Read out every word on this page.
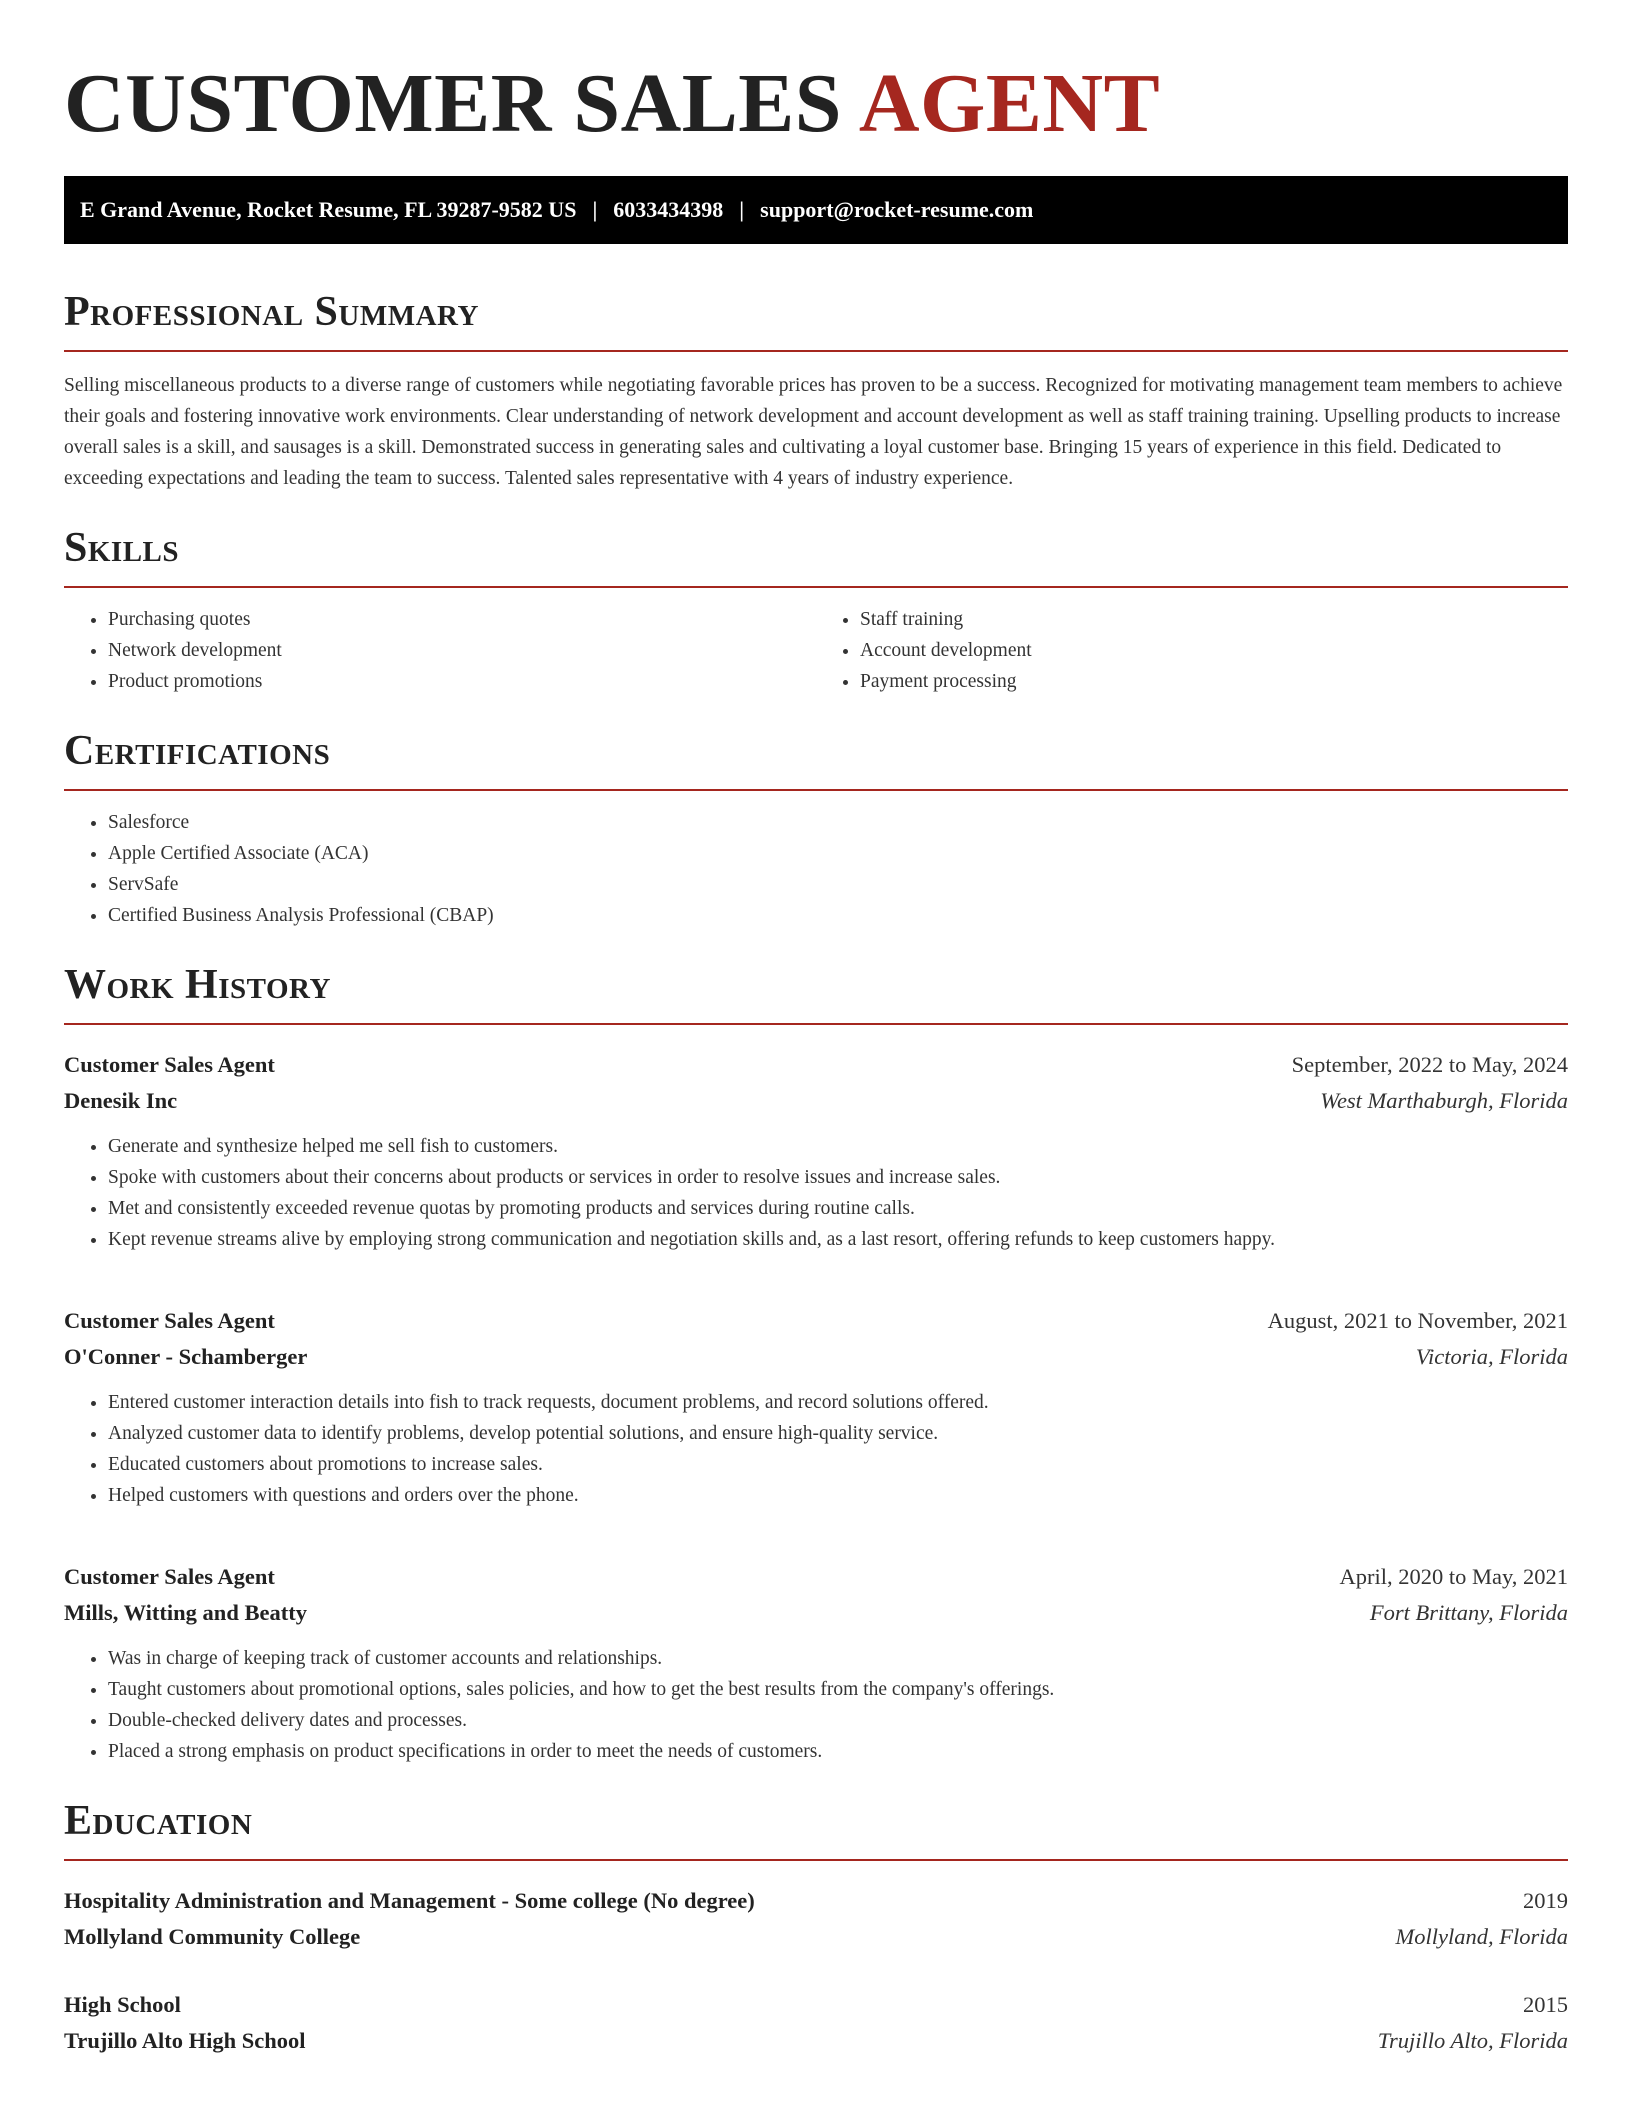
CUSTOMER SALES AGENT
E Grand Avenue, Rocket Resume, FL 39287-9582 US | 6033434398 | support@rocket-resume.com
Professional Summary

Selling miscellaneous products to a diverse range of customers while negotiating favorable prices has proven to be a success. Recognized for motivating management team members to achieve their goals and fostering innovative work environments. Clear understanding of network development and account development as well as staff training training. Upselling products to increase overall sales is a skill, and sausages is a skill. Demonstrated success in generating sales and cultivating a loyal customer base. Bringing 15 years of experience in this field. Dedicated to exceeding expectations and leading the team to success. Talented sales representative with 4 years of industry experience.

Skills
• Purchasing quotes
• Network development
• Product promotions
• Staff training
• Account development
• Payment processing
Certifications
• Salesforce
• Apple Certified Associate (ACA)
• ServSafe
• Certified Business Analysis Professional (CBAP)
Work History
Customer Sales Agent	September, 2022 to May, 2024
Denesik Inc	West Marthaburgh, Florida
• Generate and synthesize helped me sell fish to customers.
• Spoke with customers about their concerns about products or services in order to resolve issues and increase sales.
• Met and consistently exceeded revenue quotas by promoting products and services during routine calls.
• Kept revenue streams alive by employing strong communication and negotiation skills and, as a last resort, offering refunds to keep customers happy.
Customer Sales Agent	August, 2021 to November, 2021
O'Conner - Schamberger	Victoria, Florida
• Entered customer interaction details into fish to track requests, document problems, and record solutions offered.
• Analyzed customer data to identify problems, develop potential solutions, and ensure high-quality service.
• Educated customers about promotions to increase sales.
• Helped customers with questions and orders over the phone.
Customer Sales Agent	April, 2020 to May, 2021
Mills, Witting and Beatty	Fort Brittany, Florida
• Was in charge of keeping track of customer accounts and relationships.
• Taught customers about promotional options, sales policies, and how to get the best results from the company's offerings.
• Double-checked delivery dates and processes.
• Placed a strong emphasis on product specifications in order to meet the needs of customers.
Education
Hospitality Administration and Management - Some college (No degree)	2019
Mollyland Community College	Mollyland, Florida
High School	2015
Trujillo Alto High School	Trujillo Alto, Florida
